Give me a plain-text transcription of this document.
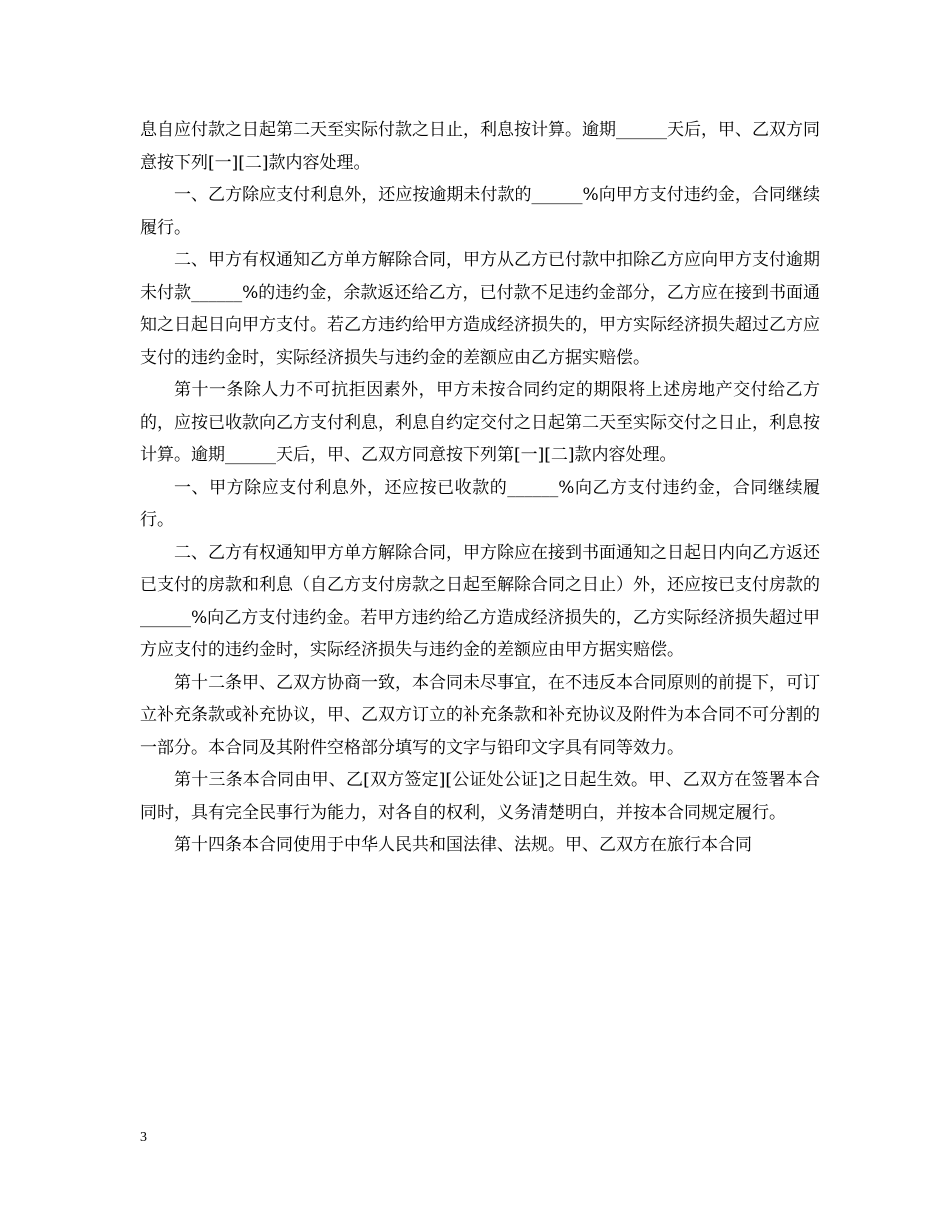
息自应付款之日起第二天至实际付款之日止，利息按计算。逾期______天后，甲、乙双方同意按下列[一][二]款内容处理。

一、乙方除应支付利息外，还应按逾期未付款的______%向甲方支付违约金，合同继续履行。

二、甲方有权通知乙方单方解除合同，甲方从乙方已付款中扣除乙方应向甲方支付逾期未付款______%的违约金，余款返还给乙方，已付款不足违约金部分，乙方应在接到书面通知之日起日向甲方支付。若乙方违约给甲方造成经济损失的，甲方实际经济损失超过乙方应支付的违约金时，实际经济损失与违约金的差额应由乙方据实赔偿。

第十一条除人力不可抗拒因素外，甲方未按合同约定的期限将上述房地产交付给乙方的，应按已收款向乙方支付利息，利息自约定交付之日起第二天至实际交付之日止，利息按计算。逾期______天后，甲、乙双方同意按下列第[一][二]款内容处理。

一、甲方除应支付利息外，还应按已收款的______%向乙方支付违约金，合同继续履行。

二、乙方有权通知甲方单方解除合同，甲方除应在接到书面通知之日起日内向乙方返还已支付的房款和利息（自乙方支付房款之日起至解除合同之日止）外，还应按已支付房款的______%向乙方支付违约金。若甲方违约给乙方造成经济损失的，乙方实际经济损失超过甲方应支付的违约金时，实际经济损失与违约金的差额应由甲方据实赔偿。

第十二条甲、乙双方协商一致，本合同未尽事宜，在不违反本合同原则的前提下，可订立补充条款或补充协议，甲、乙双方订立的补充条款和补充协议及附件为本合同不可分割的一部分。本合同及其附件空格部分填写的文字与铅印文字具有同等效力。

第十三条本合同由甲、乙[双方签定][公证处公证]之日起生效。甲、乙双方在签署本合同时，具有完全民事行为能力，对各自的权利，义务清楚明白，并按本合同规定履行。

第十四条本合同使用于中华人民共和国法律、法规。甲、乙双方在旅行本合同

3
